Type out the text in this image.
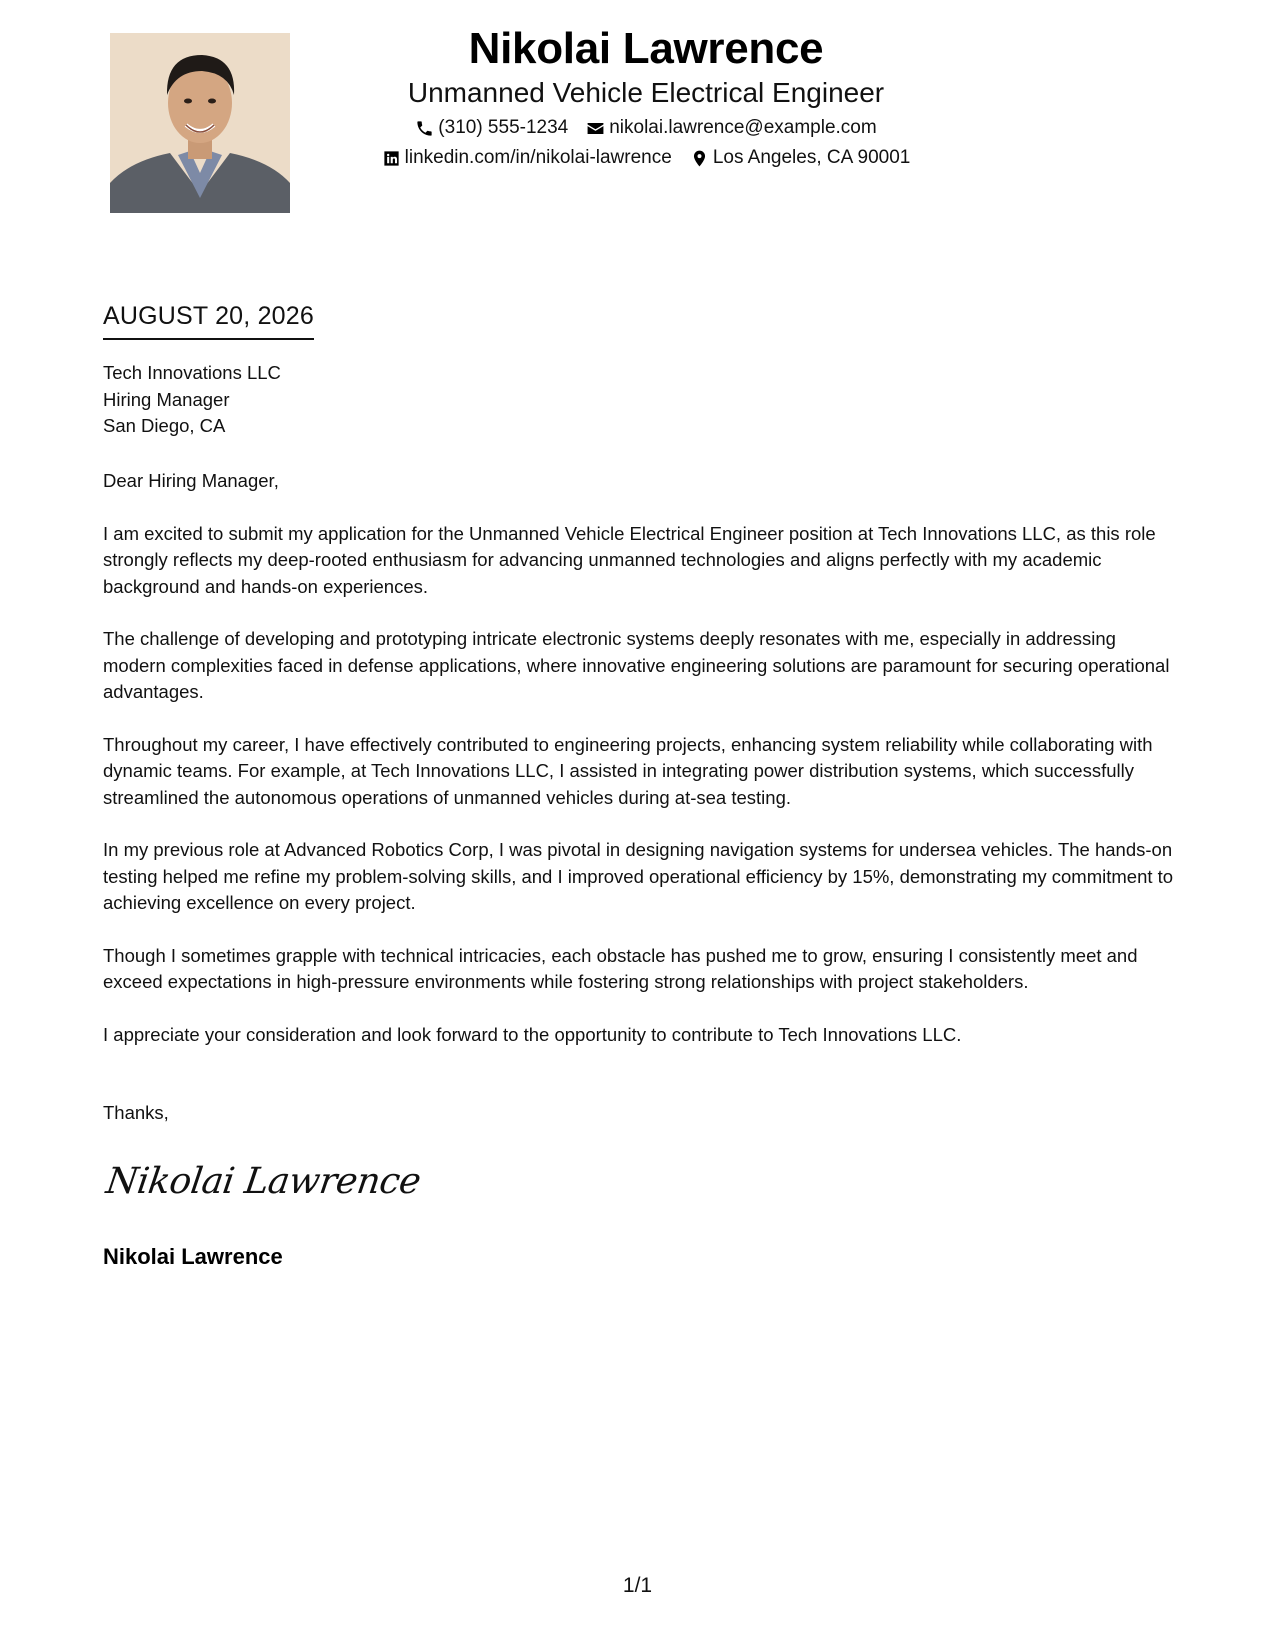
Nikolai Lawrence
Unmanned Vehicle Electrical Engineer
(310) 555-1234 nikolai.lawrence@example.com
linkedin.com/in/nikolai-lawrence Los Angeles, CA 90001
AUGUST 20, 2026
Tech Innovations LLC
Hiring Manager
San Diego, CA

Dear Hiring Manager,

I am excited to submit my application for the Unmanned Vehicle Electrical Engineer position at Tech Innovations LLC, as this role strongly reflects my deep-rooted enthusiasm for advancing unmanned technologies and aligns perfectly with my academic background and hands-on experiences.

The challenge of developing and prototyping intricate electronic systems deeply resonates with me, especially in addressing modern complexities faced in defense applications, where innovative engineering solutions are paramount for securing operational advantages.

Throughout my career, I have effectively contributed to engineering projects, enhancing system reliability while collaborating with dynamic teams. For example, at Tech Innovations LLC, I assisted in integrating power distribution systems, which successfully streamlined the autonomous operations of unmanned vehicles during at-sea testing.

In my previous role at Advanced Robotics Corp, I was pivotal in designing navigation systems for undersea vehicles. The hands-on testing helped me refine my problem-solving skills, and I improved operational efficiency by 15%, demonstrating my commitment to achieving excellence on every project.

Though I sometimes grapple with technical intricacies, each obstacle has pushed me to grow, ensuring I consistently meet and exceed expectations in high-pressure environments while fostering strong relationships with project stakeholders.

I appreciate your consideration and look forward to the opportunity to contribute to Tech Innovations LLC.

Thanks,
Nikolai Lawrence
Nikolai Lawrence
1/1
